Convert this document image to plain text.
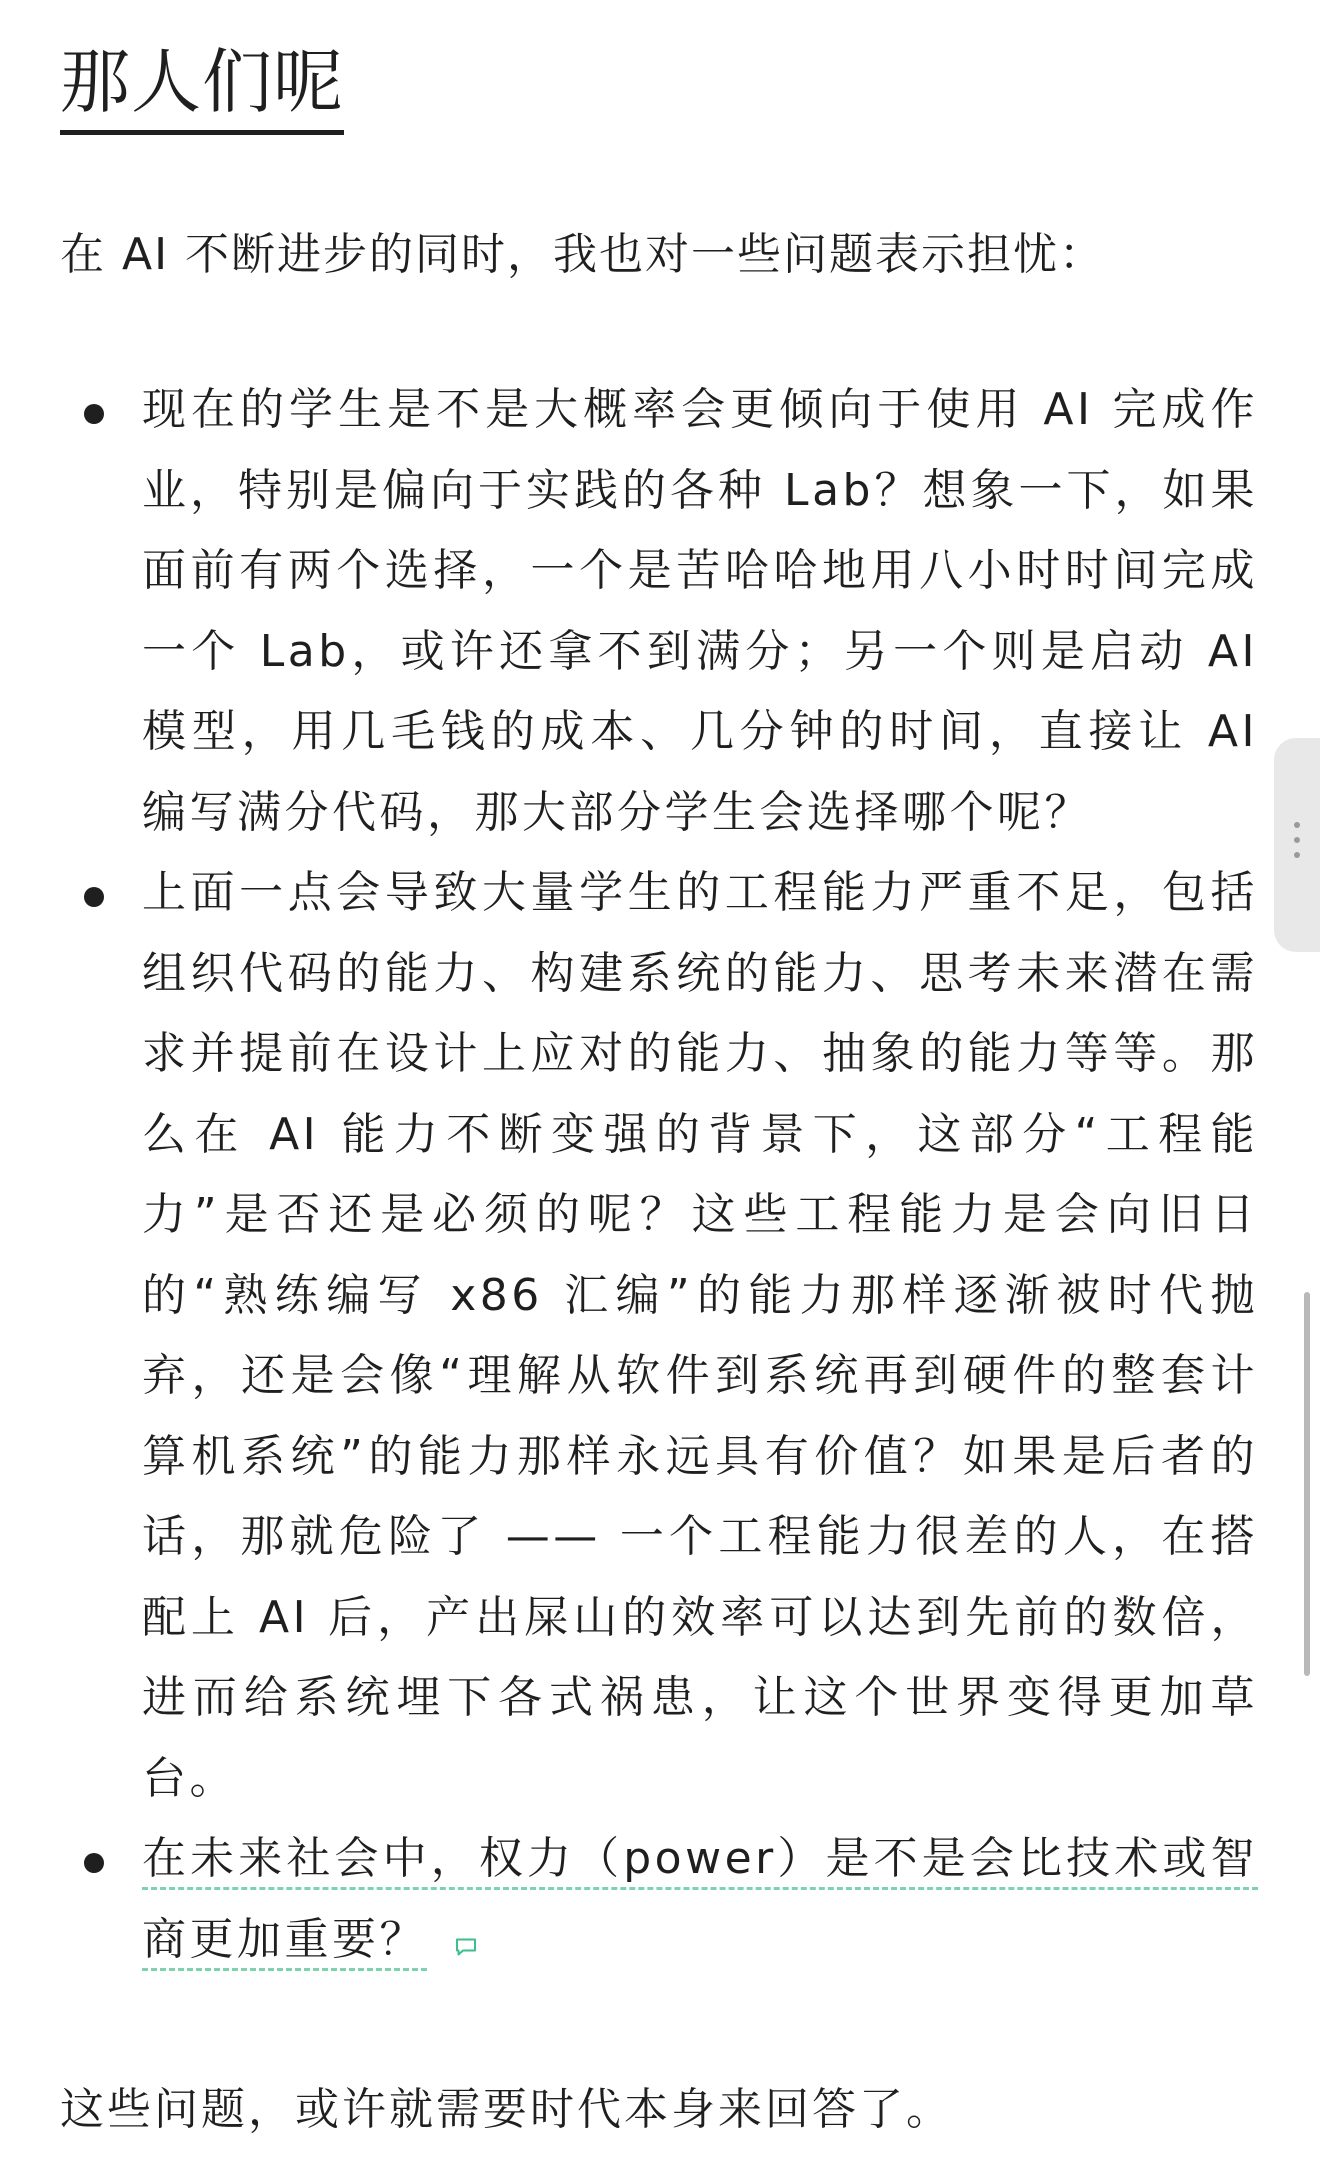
那人们呢

在 AI 不断进步的同时，我也对一些问题表示担忧：

现在的学生是不是大概率会更倾向于使用 AI 完成作业，特别是偏向于实践的各种 Lab？想象一下，如果面前有两个选择，一个是苦哈哈地用八小时时间完成一个 Lab，或许还拿不到满分；另一个则是启动 AI 模型，用几毛钱的成本、几分钟的时间，直接让 AI 编写满分代码，那大部分学生会选择哪个呢？
上面一点会导致大量学生的工程能力严重不足，包括组织代码的能力、构建系统的能力、思考未来潜在需求并提前在设计上应对的能力、抽象的能力等等。那么在 AI 能力不断变强的背景下，这部分“工程能力”是否还是必须的呢？这些工程能力是会向旧日的“熟练编写 x86 汇编”的能力那样逐渐被时代抛弃，还是会像“理解从软件到系统再到硬件的整套计算机系统”的能力那样永远具有价值？如果是后者的话，那就危险了 —— 一个工程能力很差的人，在搭配上 AI 后，产出屎山的效率可以达到先前的数倍，进而给系统埋下各式祸患，让这个世界变得更加草台。
在未来社会中，权力（power）是不是会比技术或智商更加重要？

这些问题，或许就需要时代本身来回答了。
